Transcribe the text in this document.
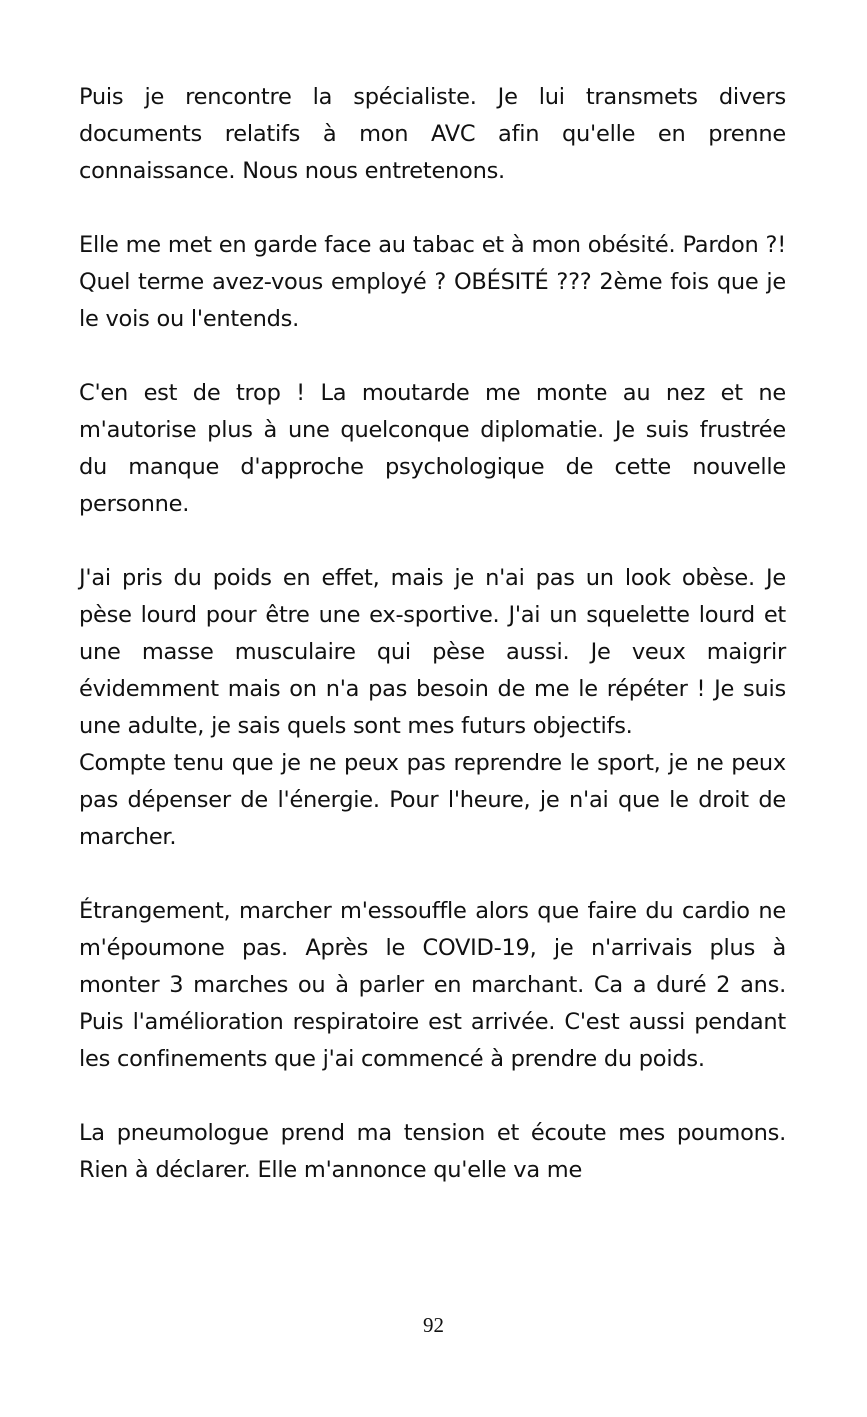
Puis je rencontre la spécialiste. Je lui transmets divers documents relatifs à mon AVC afin qu'elle en prenne connaissance. Nous nous entretenons.

Elle me met en garde face au tabac et à mon obésité. Pardon ?! Quel terme avez-vous employé ? OBÉSITÉ ??? 2ème fois que je le vois ou l'entends.

C'en est de trop ! La moutarde me monte au nez et ne m'autorise plus à une quelconque diplomatie. Je suis frustrée du manque d'approche psychologique de cette nouvelle personne.

J'ai pris du poids en effet, mais je n'ai pas un look obèse. Je pèse lourd pour être une ex-sportive. J'ai un squelette lourd et une masse musculaire qui pèse aussi. Je veux maigrir évidemment mais on n'a pas besoin de me le répéter ! Je suis une adulte, je sais quels sont mes futurs objectifs.

Compte tenu que je ne peux pas reprendre le sport, je ne peux pas dépenser de l'énergie. Pour l'heure, je n'ai que le droit de marcher.

Étrangement, marcher m'essouffle alors que faire du cardio ne m'époumone pas. Après le COVID-19, je n'arrivais plus à monter 3 marches ou à parler en marchant. Ca a duré 2 ans. Puis l'amélioration respiratoire est arrivée. C'est aussi pendant les confinements que j'ai commencé à prendre du poids.

La pneumologue prend ma tension et écoute mes poumons. Rien à déclarer. Elle m'annonce qu'elle va me

92
